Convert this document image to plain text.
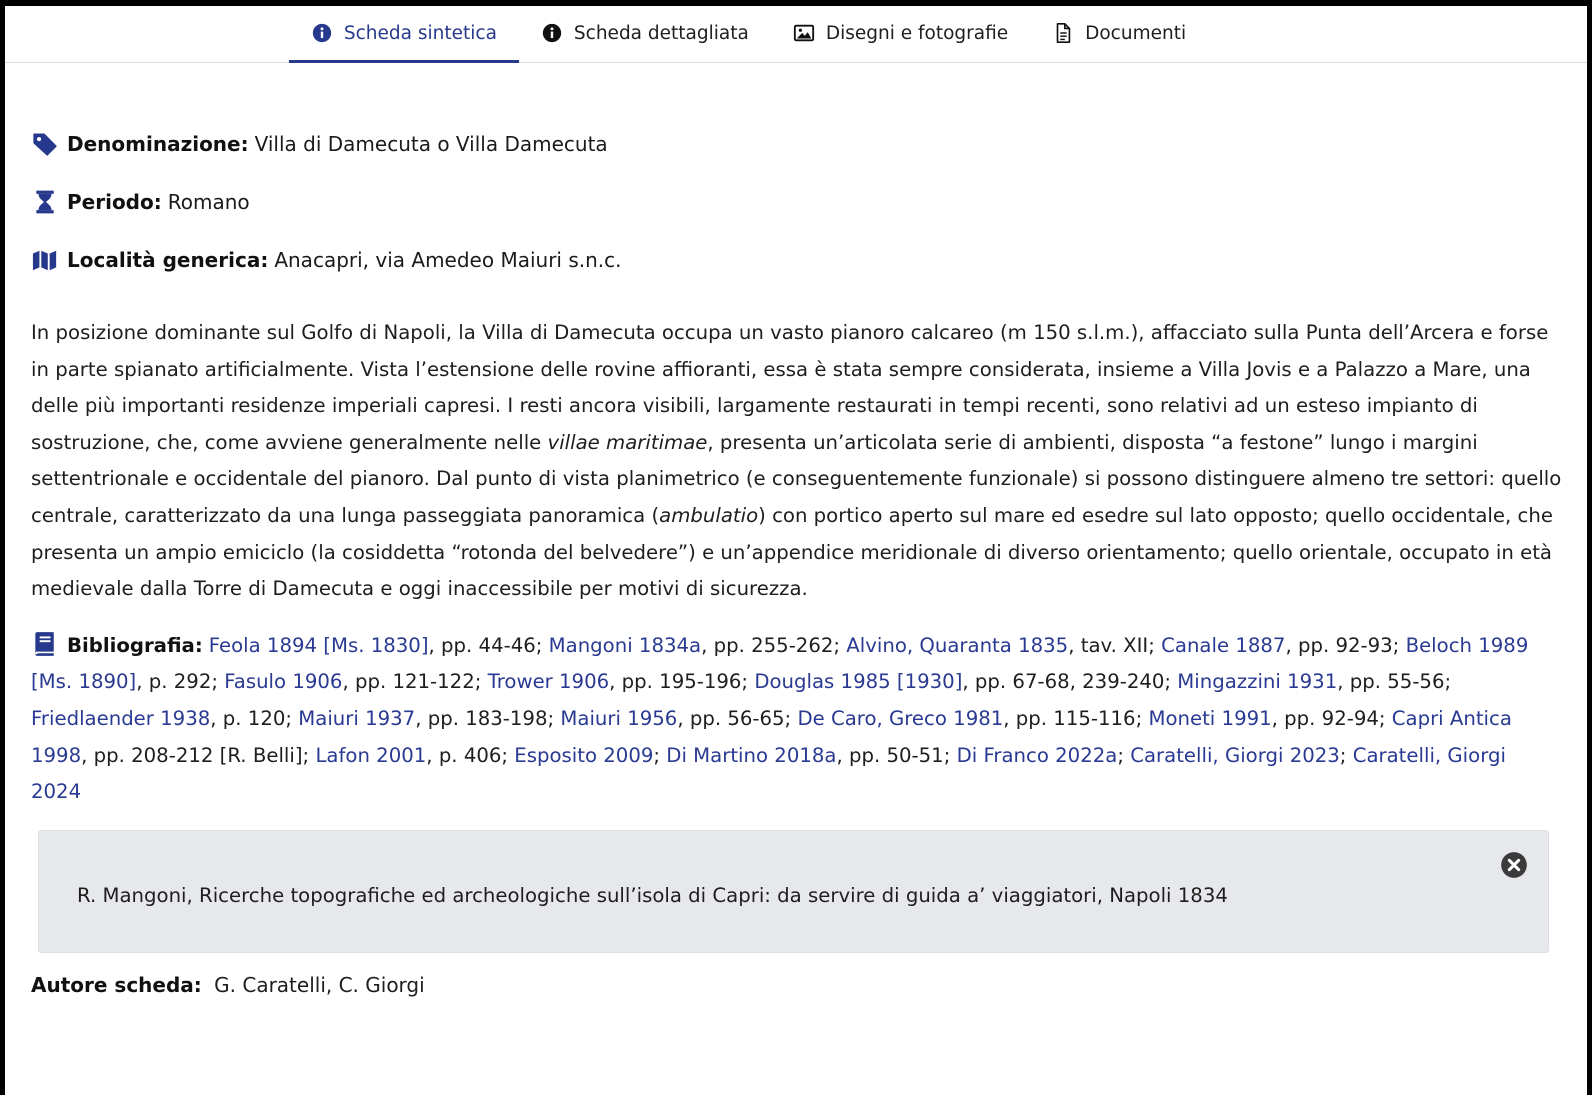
Scheda sintetica	Scheda dettagliata	Disegni e fotografie	Documenti
Denominazione: Villa di Damecuta o Villa Damecuta
Periodo: Romano
Località generica: Anacapri, via Amedeo Maiuri s.n.c.

In posizione dominante sul Golfo di Napoli, la Villa di Damecuta occupa un vasto pianoro calcareo (m 150 s.l.m.), affacciato sulla Punta dell’Arcera e forse in parte spianato artificialmente. Vista l’estensione delle rovine affioranti, essa è stata sempre considerata, insieme a Villa Jovis e a Palazzo a Mare, una delle più importanti residenze imperiali capresi. I resti ancora visibili, largamente restaurati in tempi recenti, sono relativi ad un esteso impianto di sostruzione, che, come avviene generalmente nelle villae maritimae, presenta un’articolata serie di ambienti, disposta “a festone” lungo i margini settentrionale e occidentale del pianoro. Dal punto di vista planimetrico (e conseguentemente funzionale) si possono distinguere almeno tre settori: quello centrale, caratterizzato da una lunga passeggiata panoramica (ambulatio) con portico aperto sul mare ed esedre sul lato opposto; quello occidentale, che presenta un ampio emiciclo (la cosiddetta “rotonda del belvedere”) e un’appendice meridionale di diverso orientamento; quello orientale, occupato in età medievale dalla Torre di Damecuta e oggi inaccessibile per motivi di sicurezza.

Bibliografia: Feola 1894 [Ms. 1830], pp. 44-46; Mangoni 1834a, pp. 255-262; Alvino, Quaranta 1835, tav. XII; Canale 1887, pp. 92-93; Beloch 1989 [Ms. 1890], p. 292; Fasulo 1906, pp. 121-122; Trower 1906, pp. 195-196; Douglas 1985 [1930], pp. 67-68, 239-240; Mingazzini 1931, pp. 55-56; Friedlaender 1938, p. 120; Maiuri 1937, pp. 183-198; Maiuri 1956, pp. 56-65; De Caro, Greco 1981, pp. 115-116; Moneti 1991, pp. 92-94; Capri Antica 1998, pp. 208-212 [R. Belli]; Lafon 2001, p. 406; Esposito 2009; Di Martino 2018a, pp. 50-51; Di Franco 2022a; Caratelli, Giorgi 2023; Caratelli, Giorgi 2024
R. Mangoni, Ricerche topografiche ed archeologiche sull’isola di Capri: da servire di guida a’ viaggiatori, Napoli 1834
Autore scheda: G. Caratelli, C. Giorgi
